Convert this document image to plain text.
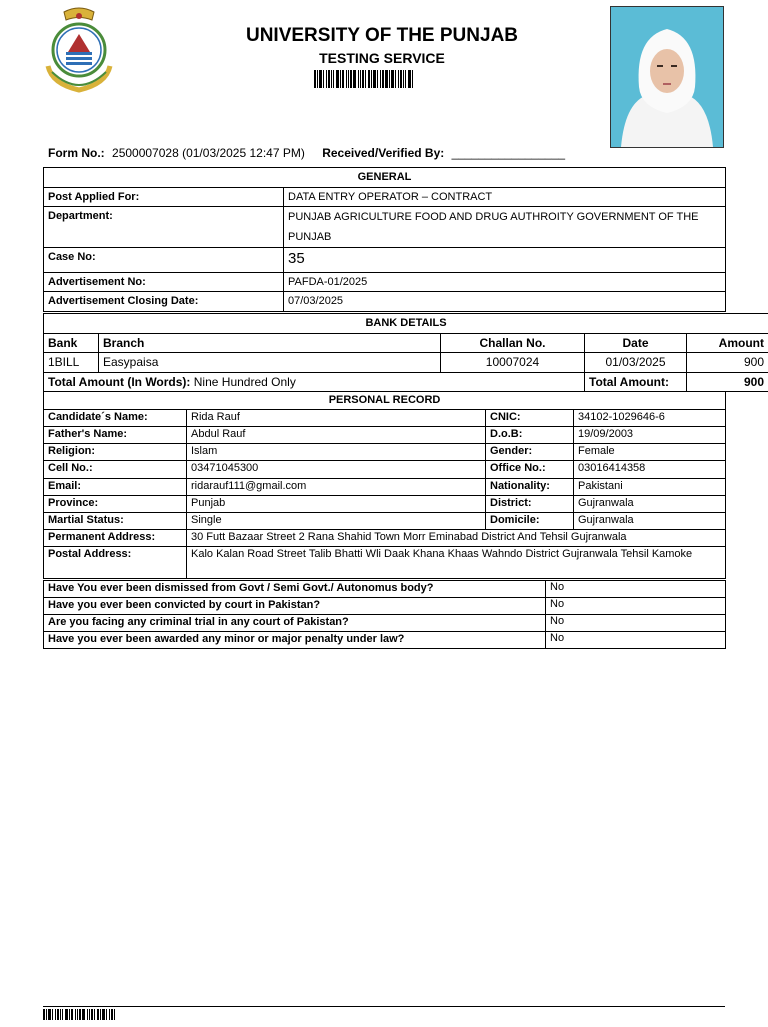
UNIVERSITY OF THE PUNJAB
TESTING SERVICE
Form No.: 2500007028 (01/03/2025 12:47 PM) Received/Verified By: _________________
GENERAL	
Post Applied For:	DATA ENTRY OPERATOR – CONTRACT
Department:	PUNJAB AGRICULTURE FOOD AND DRUG AUTHROITY GOVERNMENT OF THE PUNJAB
Case No:	35
Advertisement No:	PAFDA-01/2025
Advertisement Closing Date:	07/03/2025
BANK DETAILS				
Bank	Branch	Challan No.	Date	Amount
1BILL	Easypaisa	10007024	01/03/2025	900
Total Amount (In Words): Nine Hundred Only			Total Amount:	900
PERSONAL RECORD			
Candidate´s Name:	Rida Rauf	CNIC:	34102-1029646-6
Father's Name:	Abdul Rauf	D.o.B:	19/09/2003
Religion:	Islam	Gender:	Female
Cell No.:	03471045300	Office No.:	03016414358
Email:	ridarauf111@gmail.com	Nationality:	Pakistani
Province:	Punjab	District:	Gujranwala
Martial Status:	Single	Domicile:	Gujranwala
Permanent Address:	30 Futt Bazaar Street 2 Rana Shahid Town Morr Eminabad District And Tehsil Gujranwala		
Postal Address:	Kalo Kalan Road Street Talib Bhatti Wli Daak Khana Khaas Wahndo District Gujranwala Tehsil Kamoke		
Have You ever been dismissed from Govt / Semi Govt./ Autonomus body?	No
Have you ever been convicted by court in Pakistan?	No
Are you facing any criminal trial in any court of Pakistan?	No
Have you ever been awarded any minor or major penalty under law?	No
